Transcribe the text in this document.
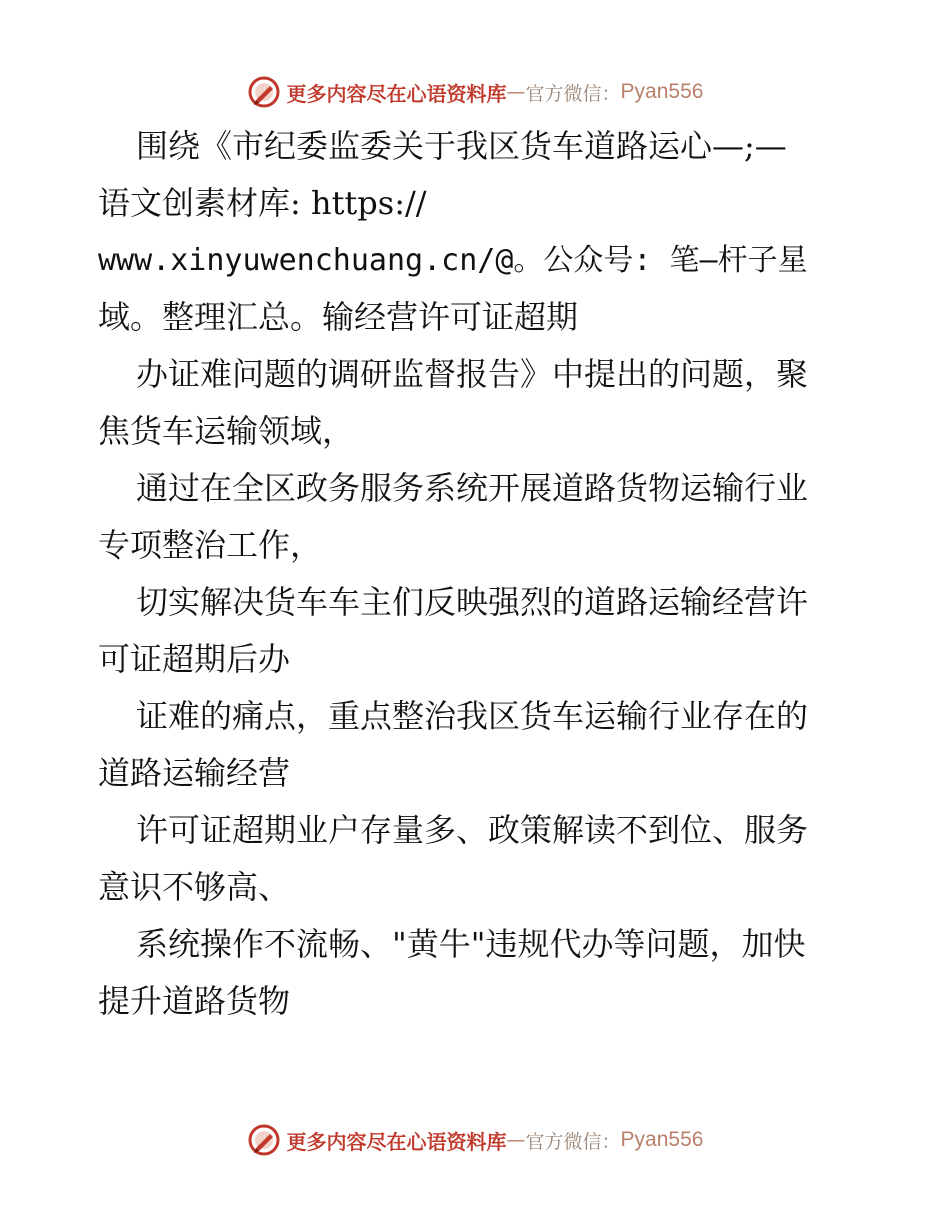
更多内容尽在心语资料库 — 官方微信： Pyan556
围绕《市纪委监委关于我区货车道路运心—;—
语文创素材库: https://
www.xinyuwenchuang.cn/@。公众号: 笔—杆子星
域。整理汇总。输经营许可证超期
办证难问题的调研监督报告》中提出的问题，聚
焦货车运输领域，
通过在全区政务服务系统开展道路货物运输行业
专项整治工作，
切实解决货车车主们反映强烈的道路运输经营许
可证超期后办
证难的痛点，重点整治我区货车运输行业存在的
道路运输经营
许可证超期业户存量多、政策解读不到位、服务
意识不够高、
系统操作不流畅、"黄牛"违规代办等问题，加快
提升道路货物
更多内容尽在心语资料库 — 官方微信： Pyan556
